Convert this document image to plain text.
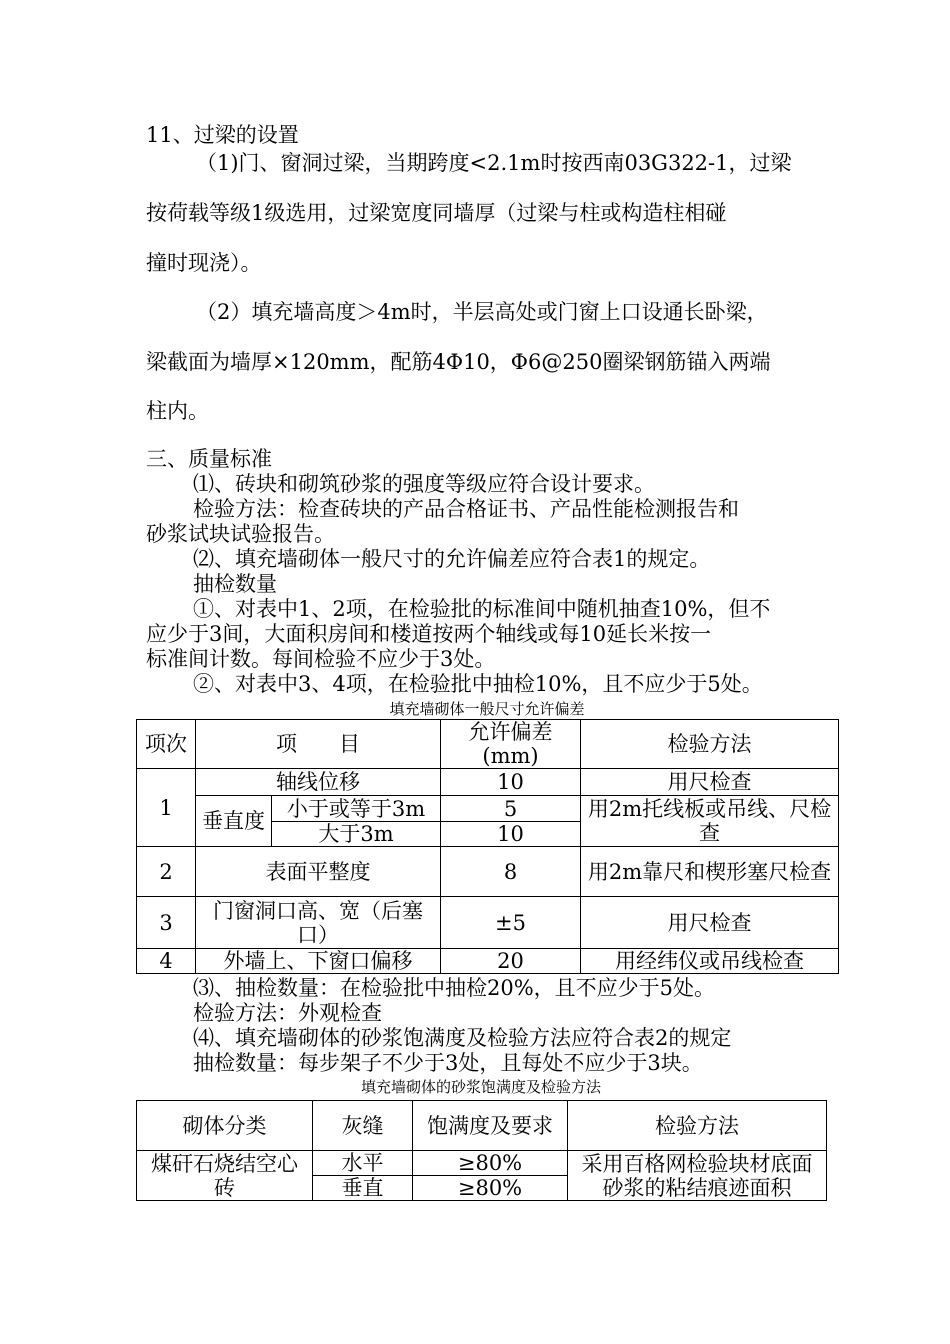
11、过梁的设置
（1)门、窗洞过梁，当期跨度<2.1m时按西南03G322-1，过梁
按荷载等级1级选用，过梁宽度同墙厚（过梁与柱或构造柱相碰
撞时现浇）。
（2）填充墙高度＞4m时，半层高处或门窗上口设通长卧梁，
梁截面为墙厚×120mm，配筋4Φ10，Φ6@250圈梁钢筋锚入两端
柱内。
三、质量标准
⑴、砖块和砌筑砂浆的强度等级应符合设计要求。
检验方法：检查砖块的产品合格证书、产品性能检测报告和
砂浆试块试验报告。
⑵、填充墙砌体一般尺寸的允许偏差应符合表1的规定。
抽检数量
①、对表中1、2项，在检验批的标准间中随机抽查10%，但不
应少于3间，大面积房间和楼道按两个轴线或每10延长米按一
标准间计数。每间检验不应少于3处。
②、对表中3、4项，在检验批中抽检10%，且不应少于5处。
填充墙砌体一般尺寸允许偏差
项次	项　　目		允许偏差(mm)	检验方法
1	轴线位移		10	用尺检查
	垂直度	小于或等于3m	5	用2m托线板或吊线、尺检查
		大于3m	10	
2	表面平整度		8	用2m靠尺和楔形塞尺检查
3	门窗洞口高、宽（后塞口）		±5	用尺检查
4	外墙上、下窗口偏移		20	用经纬仪或吊线检查
⑶、抽检数量：在检验批中抽检20%，且不应少于5处。
检验方法：外观检查
⑷、填充墙砌体的砂浆饱满度及检验方法应符合表2的规定
抽检数量：每步架子不少于3处，且每处不应少于3块。
填充墙砌体的砂浆饱满度及检验方法
砌体分类	灰缝	饱满度及要求	检验方法
煤矸石烧结空心砖	水平	≥80%	采用百格网检验块材底面砂浆的粘结痕迹面积
	垂直	≥80%	
